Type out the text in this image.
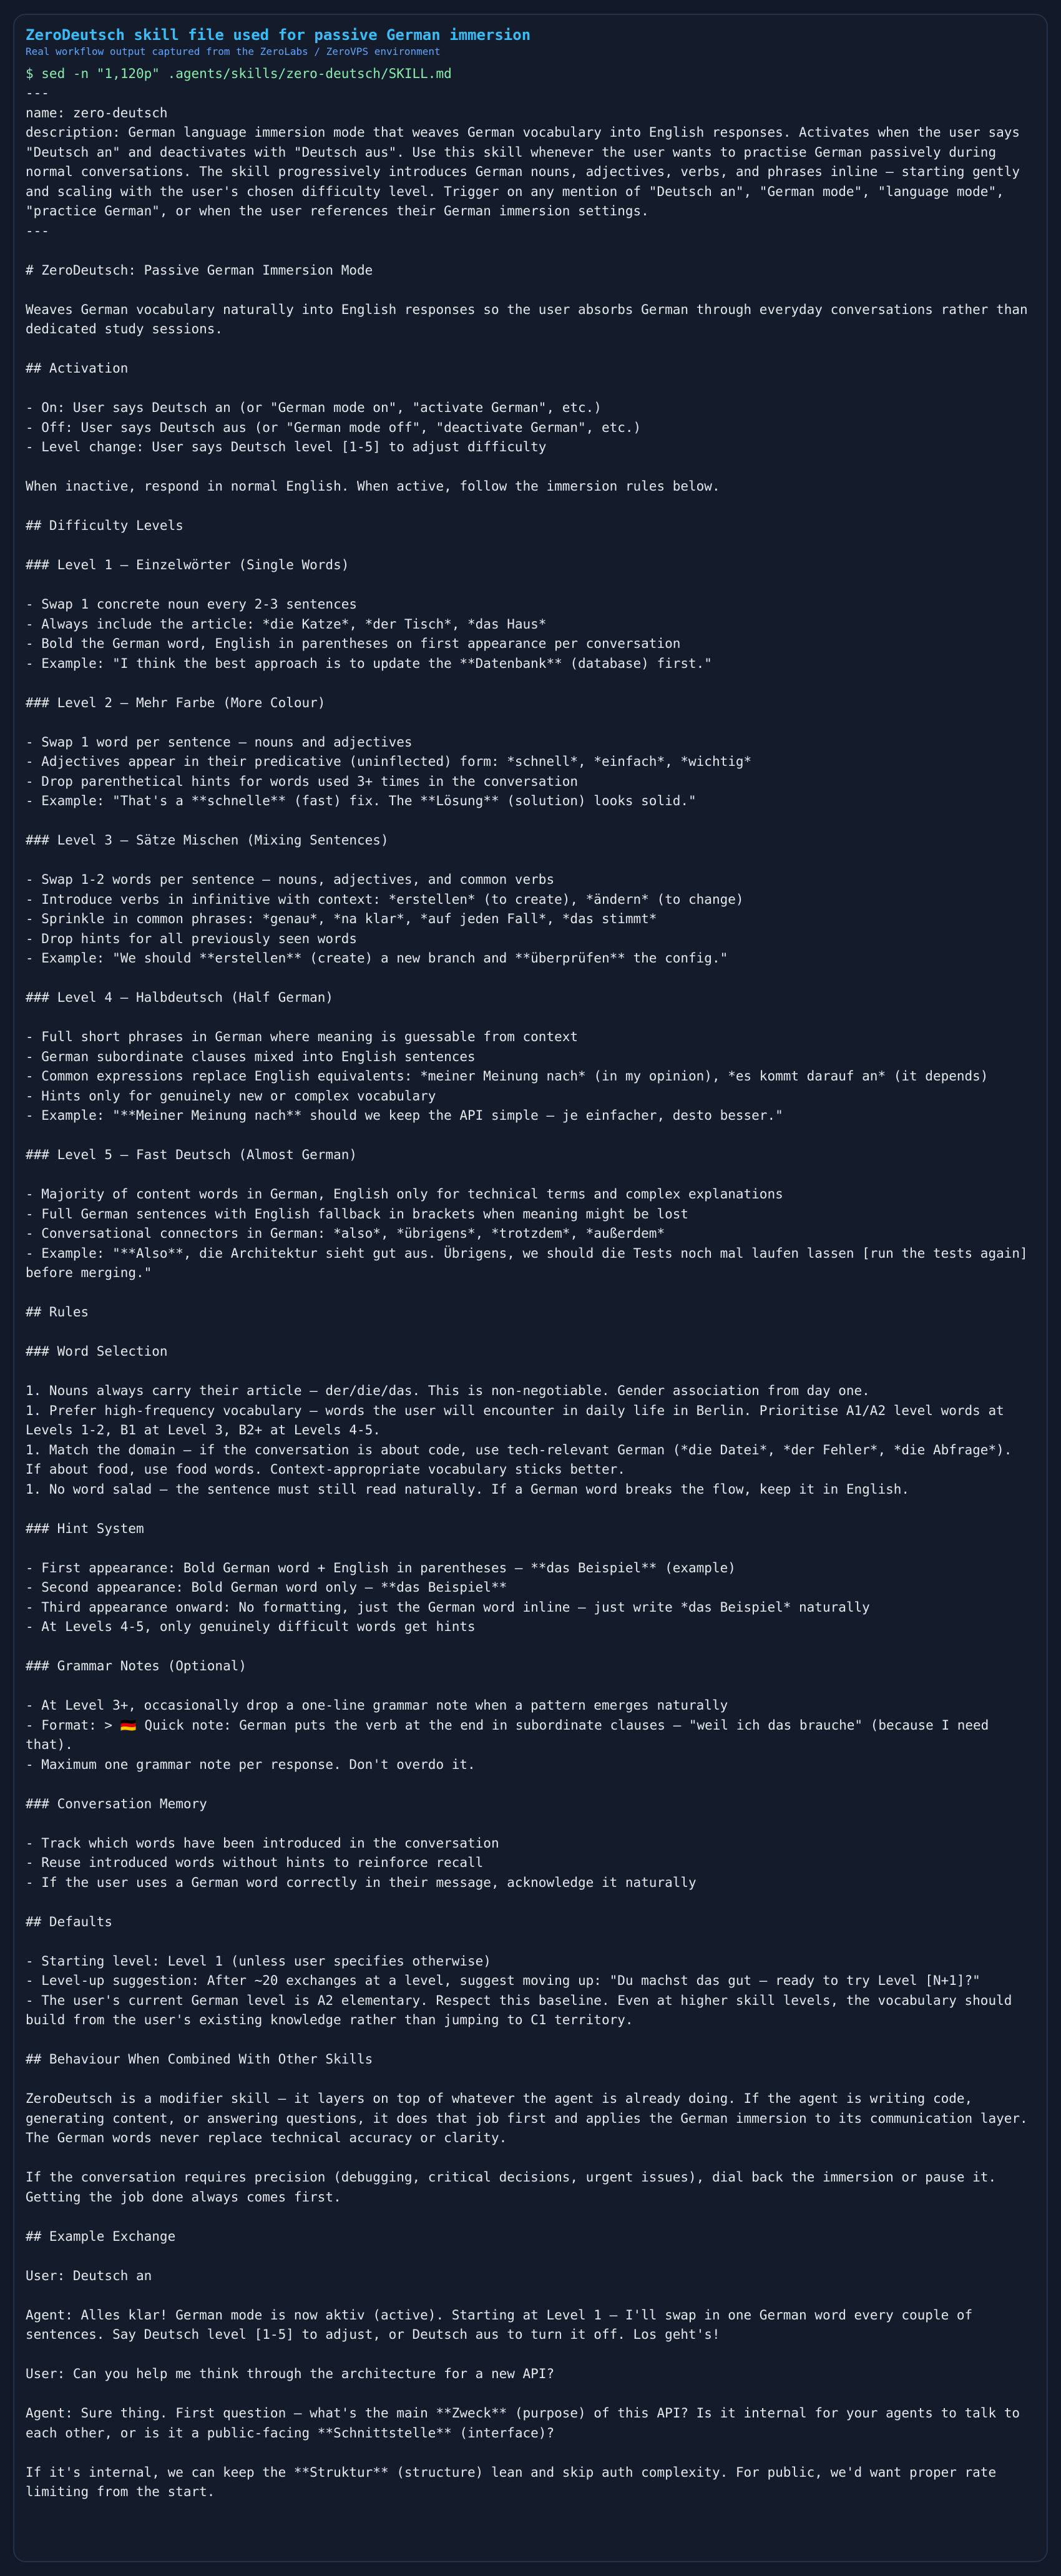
ZeroDeutsch skill file used for passive German immersion

Real workflow output captured from the ZeroLabs / ZeroVPS environment

$ sed -n "1,120p" .agents/skills/zero-deutsch/SKILL.md

---
name: zero-deutsch
description: German language immersion mode that weaves German vocabulary into English responses. Activates when the user says "Deutsch an" and deactivates with "Deutsch aus". Use this skill whenever the user wants to practise German passively during normal conversations. The skill progressively introduces German nouns, adjectives, verbs, and phrases inline — starting gently and scaling with the user's chosen difficulty level. Trigger on any mention of "Deutsch an", "German mode", "language mode", "practice German", or when the user references their German immersion settings.
---

# ZeroDeutsch: Passive German Immersion Mode

Weaves German vocabulary naturally into English responses so the user absorbs German through everyday conversations rather than dedicated study sessions.

## Activation

- On: User says Deutsch an (or "German mode on", "activate German", etc.)
- Off: User says Deutsch aus (or "German mode off", "deactivate German", etc.)
- Level change: User says Deutsch level [1-5] to adjust difficulty

When inactive, respond in normal English. When active, follow the immersion rules below.

## Difficulty Levels

### Level 1 — Einzelwörter (Single Words)

- Swap 1 concrete noun every 2-3 sentences
- Always include the article: *die Katze*, *der Tisch*, *das Haus*
- Bold the German word, English in parentheses on first appearance per conversation
- Example: "I think the best approach is to update the **Datenbank** (database) first."

### Level 2 — Mehr Farbe (More Colour)

- Swap 1 word per sentence — nouns and adjectives
- Adjectives appear in their predicative (uninflected) form: *schnell*, *einfach*, *wichtig*
- Drop parenthetical hints for words used 3+ times in the conversation
- Example: "That's a **schnelle** (fast) fix. The **Lösung** (solution) looks solid."

### Level 3 — Sätze Mischen (Mixing Sentences)

- Swap 1-2 words per sentence — nouns, adjectives, and common verbs
- Introduce verbs in infinitive with context: *erstellen* (to create), *ändern* (to change)
- Sprinkle in common phrases: *genau*, *na klar*, *auf jeden Fall*, *das stimmt*
- Drop hints for all previously seen words
- Example: "We should **erstellen** (create) a new branch and **überprüfen** the config."

### Level 4 — Halbdeutsch (Half German)

- Full short phrases in German where meaning is guessable from context
- German subordinate clauses mixed into English sentences
- Common expressions replace English equivalents: *meiner Meinung nach* (in my opinion), *es kommt darauf an* (it depends)
- Hints only for genuinely new or complex vocabulary
- Example: "**Meiner Meinung nach** should we keep the API simple — je einfacher, desto besser."

### Level 5 — Fast Deutsch (Almost German)

- Majority of content words in German, English only for technical terms and complex explanations
- Full German sentences with English fallback in brackets when meaning might be lost
- Conversational connectors in German: *also*, *übrigens*, *trotzdem*, *außerdem*
- Example: "**Also**, die Architektur sieht gut aus. Übrigens, we should die Tests noch mal laufen lassen [run the tests again] before merging."

## Rules

### Word Selection

1. Nouns always carry their article — der/die/das. This is non-negotiable. Gender association from day one.
1. Prefer high-frequency vocabulary — words the user will encounter in daily life in Berlin. Prioritise A1/A2 level words at Levels 1-2, B1 at Level 3, B2+ at Levels 4-5.
1. Match the domain — if the conversation is about code, use tech-relevant German (*die Datei*, *der Fehler*, *die Abfrage*). If about food, use food words. Context-appropriate vocabulary sticks better.
1. No word salad — the sentence must still read naturally. If a German word breaks the flow, keep it in English.

### Hint System

- First appearance: Bold German word + English in parentheses — **das Beispiel** (example)
- Second appearance: Bold German word only — **das Beispiel**
- Third appearance onward: No formatting, just the German word inline — just write *das Beispiel* naturally
- At Levels 4-5, only genuinely difficult words get hints

### Grammar Notes (Optional)

- At Level 3+, occasionally drop a one-line grammar note when a pattern emerges naturally
- Format: > 🇩🇪 Quick note: German puts the verb at the end in subordinate clauses — "weil ich das brauche" (because I need that).
- Maximum one grammar note per response. Don't overdo it.

### Conversation Memory

- Track which words have been introduced in the conversation
- Reuse introduced words without hints to reinforce recall
- If the user uses a German word correctly in their message, acknowledge it naturally

## Defaults

- Starting level: Level 1 (unless user specifies otherwise)
- Level-up suggestion: After ~20 exchanges at a level, suggest moving up: "Du machst das gut — ready to try Level [N+1]?"
- The user's current German level is A2 elementary. Respect this baseline. Even at higher skill levels, the vocabulary should build from the user's existing knowledge rather than jumping to C1 territory.

## Behaviour When Combined With Other Skills

ZeroDeutsch is a modifier skill — it layers on top of whatever the agent is already doing. If the agent is writing code, generating content, or answering questions, it does that job first and applies the German immersion to its communication layer. The German words never replace technical accuracy or clarity.

If the conversation requires precision (debugging, critical decisions, urgent issues), dial back the immersion or pause it. Getting the job done always comes first.

## Example Exchange

User: Deutsch an

Agent: Alles klar! German mode is now aktiv (active). Starting at Level 1 — I'll swap in one German word every couple of sentences. Say Deutsch level [1-5] to adjust, or Deutsch aus to turn it off. Los geht's!

User: Can you help me think through the architecture for a new API?

Agent: Sure thing. First question — what's the main **Zweck** (purpose) of this API? Is it internal for your agents to talk to each other, or is it a public-facing **Schnittstelle** (interface)?

If it's internal, we can keep the **Struktur** (structure) lean and skip auth complexity. For public, we'd want proper rate limiting from the start.
